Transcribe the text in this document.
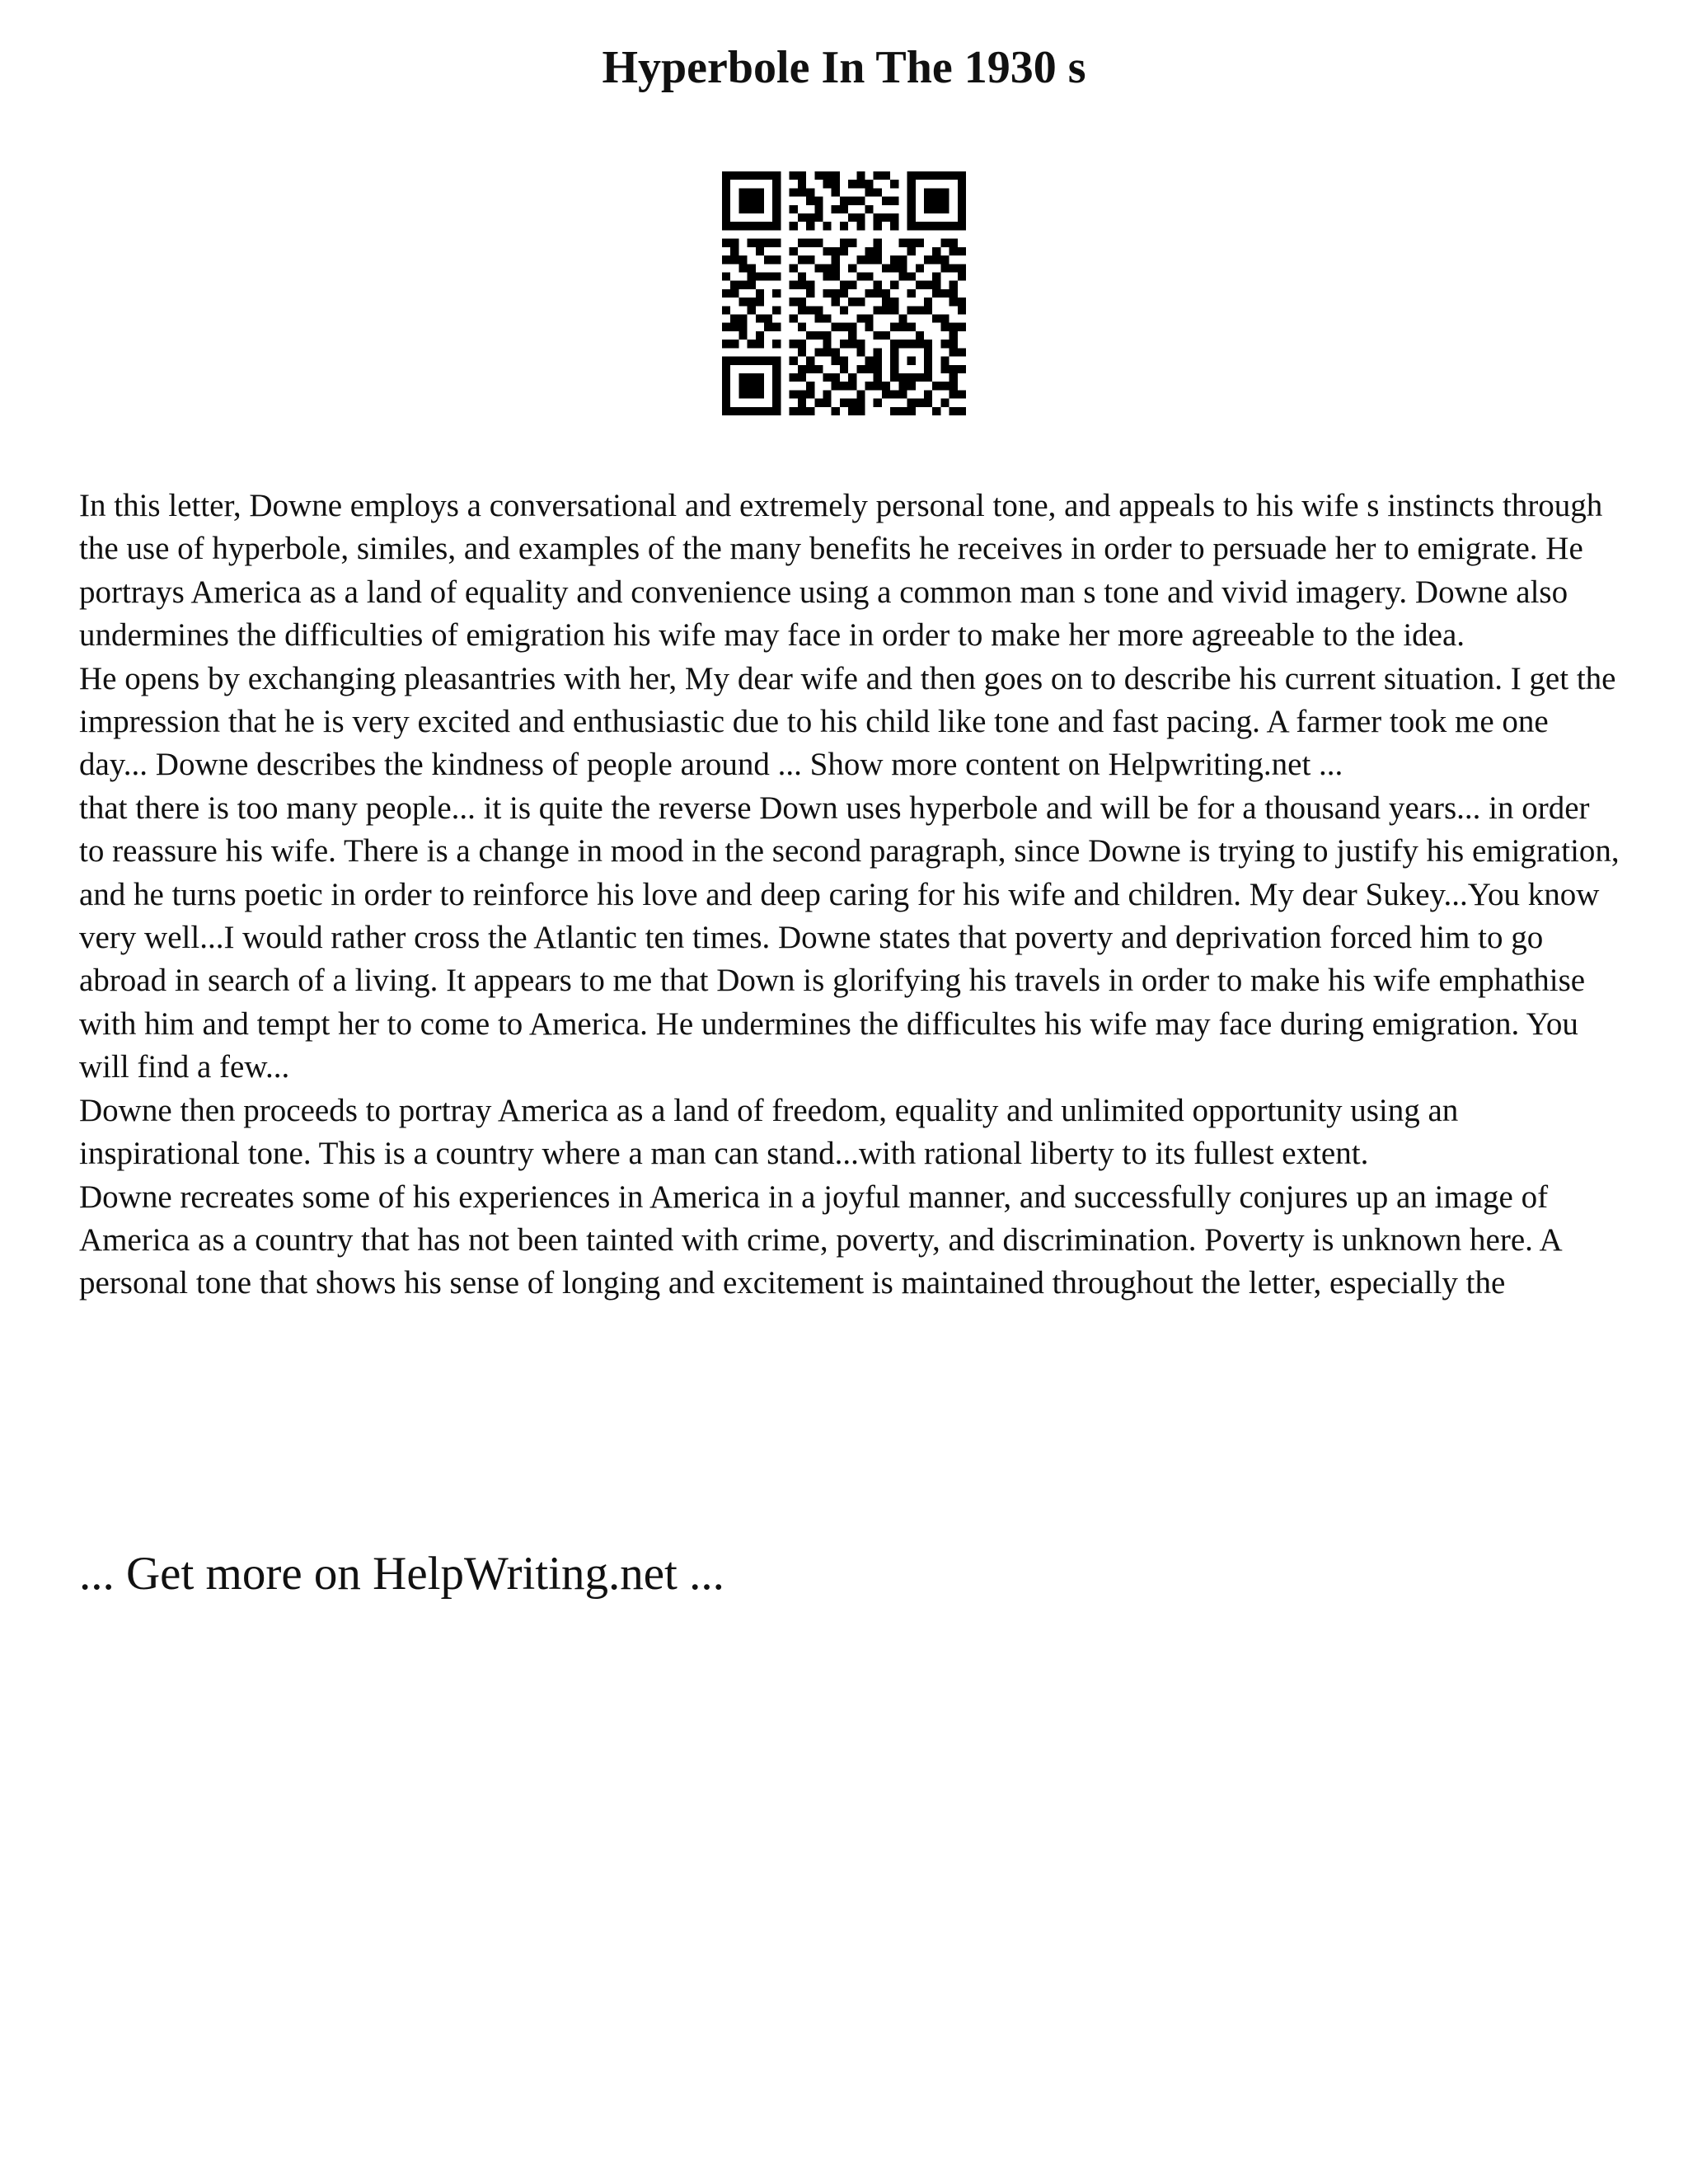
Hyperbole In The 1930 s

In this letter, Downe employs a conversational and extremely personal tone, and appeals to his wife s instincts through the use of hyperbole, similes, and examples of the many benefits he receives in order to persuade her to emigrate. He portrays America as a land of equality and convenience using a common man s tone and vivid imagery. Downe also undermines the difficulties of emigration his wife may face in order to make her more agreeable to the idea.

He opens by exchanging pleasantries with her, My dear wife and then goes on to describe his current situation. I get the impression that he is very excited and enthusiastic due to his child like tone and fast pacing. A farmer took me one day... Downe describes the kindness of people around ... Show more content on Helpwriting.net ...

that there is too many people... it is quite the reverse Down uses hyperbole and will be for a thousand years... in order to reassure his wife. There is a change in mood in the second paragraph, since Downe is trying to justify his emigration, and he turns poetic in order to reinforce his love and deep caring for his wife and children. My dear Sukey...You know very well...I would rather cross the Atlantic ten times. Downe states that poverty and deprivation forced him to go abroad in search of a living. It appears to me that Down is glorifying his travels in order to make his wife emphathise with him and tempt her to come to America. He undermines the difficultes his wife may face during emigration. You will find a few...

Downe then proceeds to portray America as a land of freedom, equality and unlimited opportunity using an inspirational tone. This is a country where a man can stand...with rational liberty to its fullest extent.

Downe recreates some of his experiences in America in a joyful manner, and successfully conjures up an image of America as a country that has not been tainted with crime, poverty, and discrimination. Poverty is unknown here. A personal tone that shows his sense of longing and excitement is maintained throughout the letter, especially the

... Get more on HelpWriting.net ...
